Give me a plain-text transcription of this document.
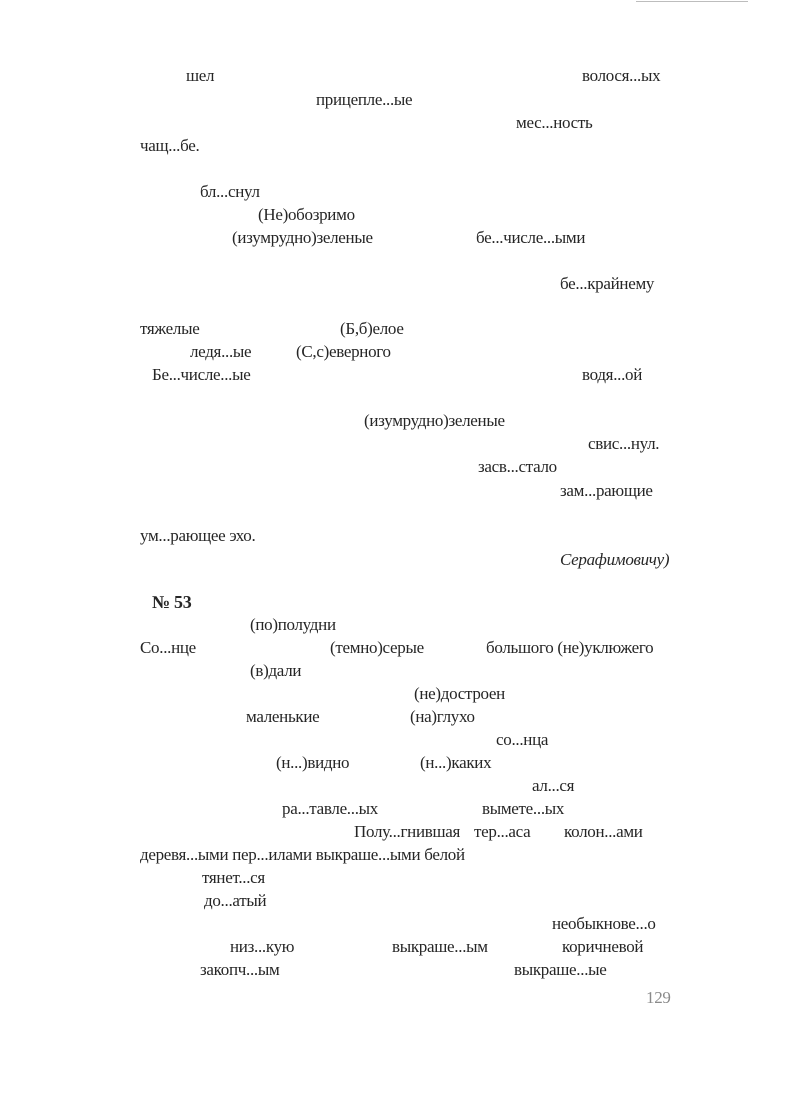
шел	волося...ых
прицепле...ые
мес...ность
чащ...бе.
бл...снул
(Не)обозримо
(изумрудно)зеленые	бе...числе...ыми
бе...крайнему
тяжелые	(Б,б)елое
ледя...ые	(С,с)еверного
Бе...числе...ые	водя...ой
(изумрудно)зеленые
свис...нул.
засв...стало
зам...рающие
ум...рающее эхо.
Серафимовичу)
№ 53
(по)полудни
Со...нце	(темно)серые	большого (не)уклюжего
(в)дали
(не)достроен
маленькие	(на)глухо
со...нца
(н...)видно	(н...)каких
ал...ся
ра...тавле...ых	вымете...ых
Полу...гнившая тер...аса колон...ами
деревя...ыми пер...илами выкраше...ыми белой
тянет...ся
до...атый
необыкнове...о
низ...кую	выкраше...ым	коричневой
закопч...ым	выкраше...ые
129
